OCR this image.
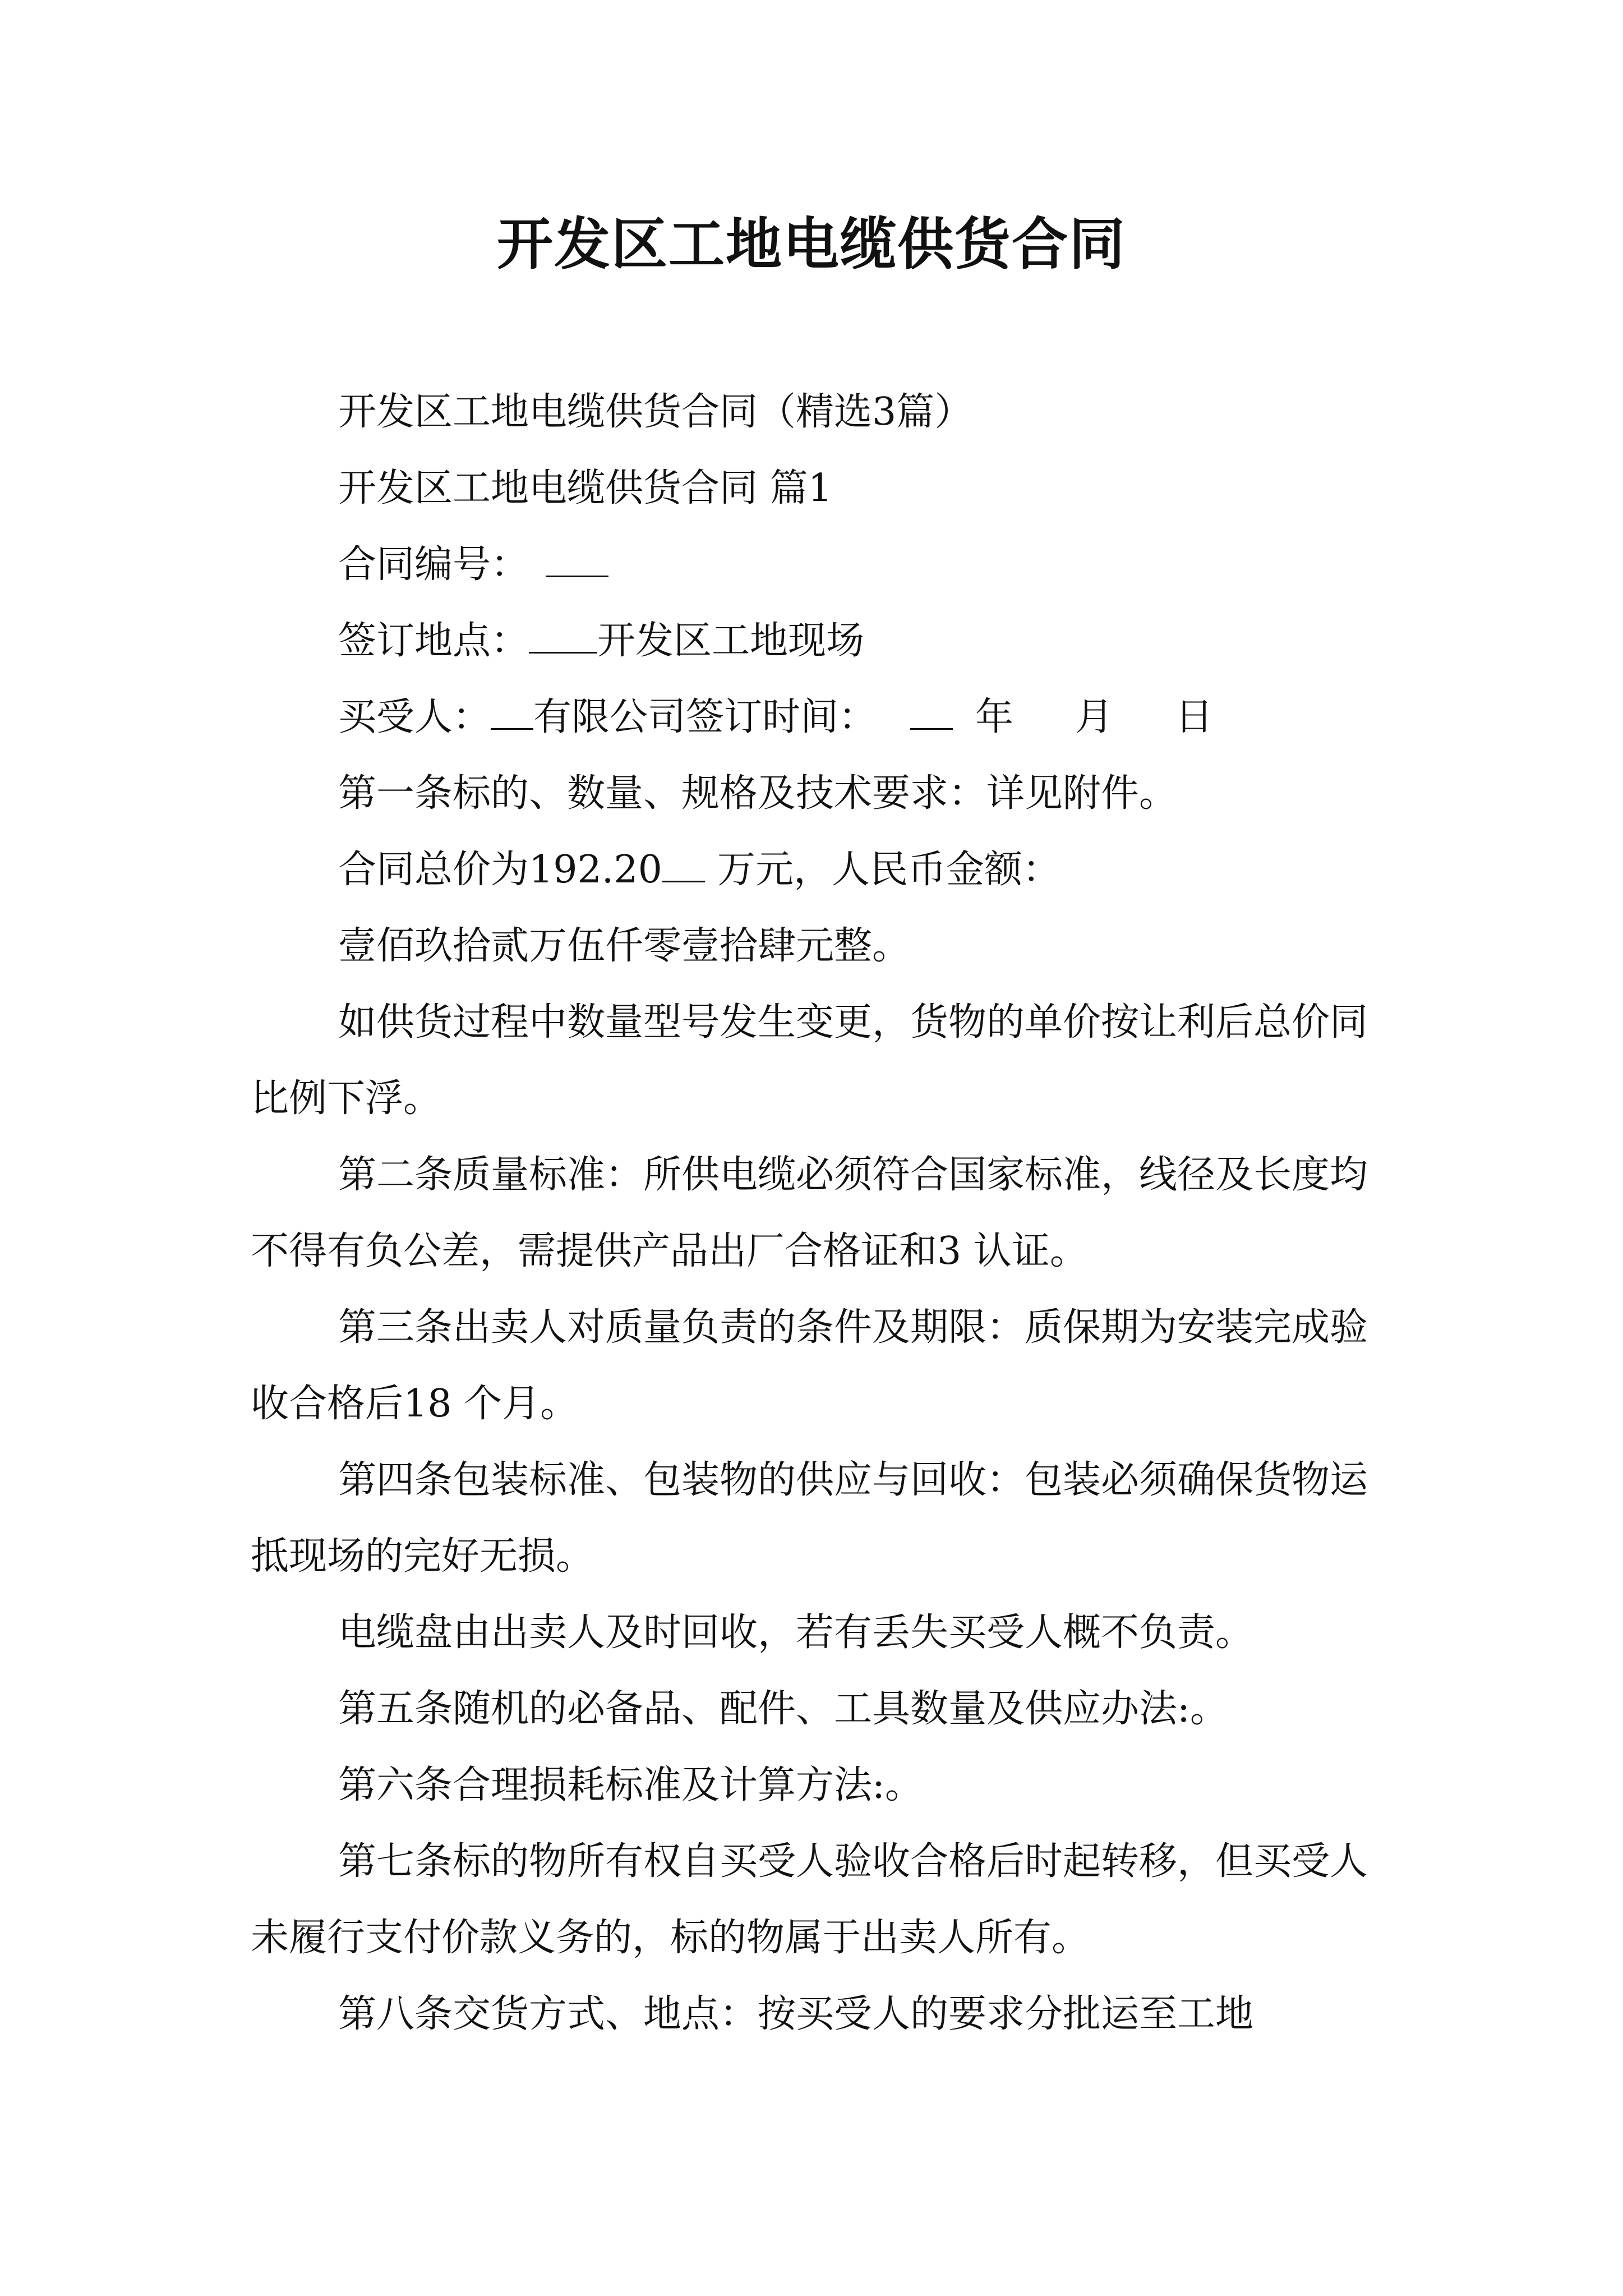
开发区工地电缆供货合同

开发区工地电缆供货合同（精选3篇）

开发区工地电缆供货合同 篇1

合同编号：

签订地点： 开发区工地现场

买受人： 有限公司签订时间：	年 月 日

第一条标的、数量、规格及技术要求：详见附件。

合同总价为192.20 万元，人民币金额：

壹佰玖拾贰万伍仟零壹拾肆元整。

如供货过程中数量型号发生变更，货物的单价按让利后总价同比例下浮。

第二条质量标准：所供电缆必须符合国家标准，线径及长度均不得有负公差，需提供产品出厂合格证和3 认证。

第三条出卖人对质量负责的条件及期限：质保期为安装完成验收合格后18 个月。

第四条包装标准、包装物的供应与回收：包装必须确保货物运抵现场的完好无损。

电缆盘由出卖人及时回收，若有丢失买受人概不负责。

第五条随机的必备品、配件、工具数量及供应办法:。

第六条合理损耗标准及计算方法:。

第七条标的物所有权自买受人验收合格后时起转移，但买受人未履行支付价款义务的，标的物属于出卖人所有。

第八条交货方式、地点：按买受人的要求分批运至工地
